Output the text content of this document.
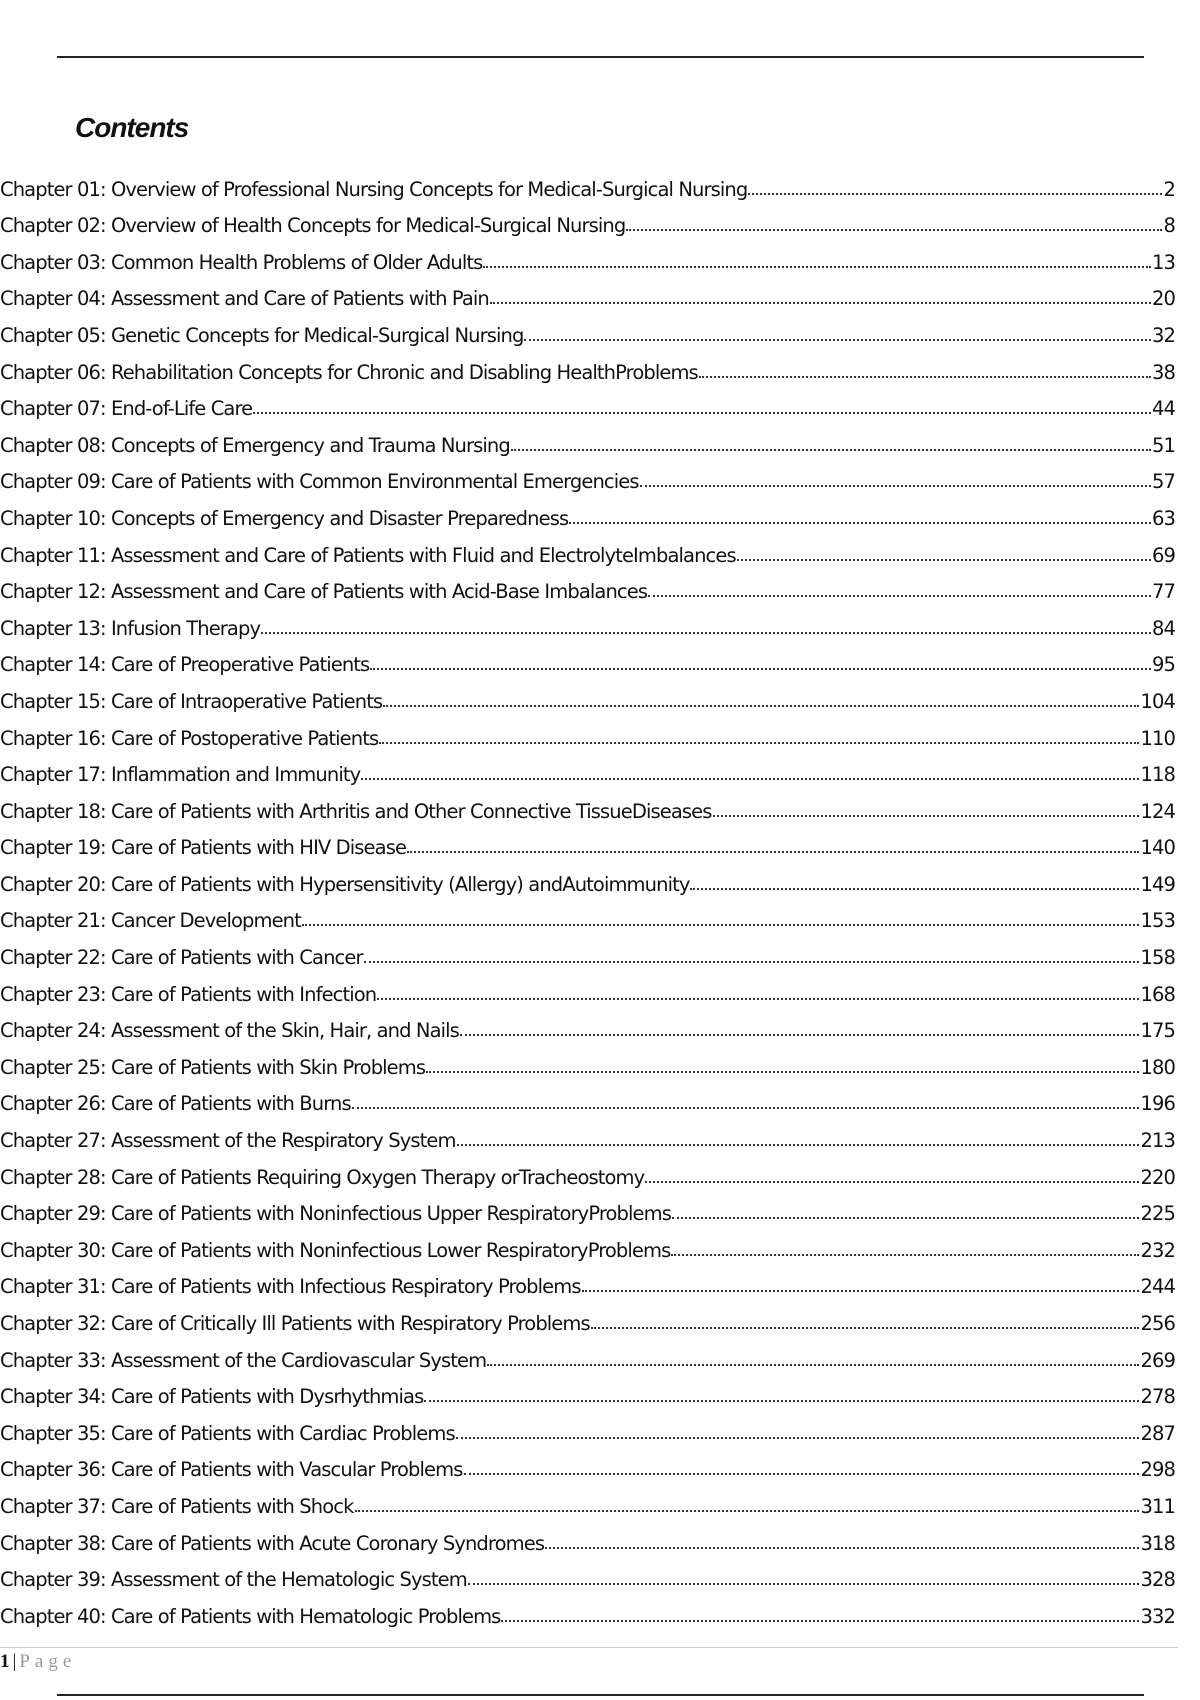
Contents
Chapter 01: Overview of Professional Nursing Concepts for Medical-Surgical Nursing	2
Chapter 02: Overview of Health Concepts for Medical-Surgical Nursing	8
Chapter 03: Common Health Problems of Older Adults	13
Chapter 04: Assessment and Care of Patients with Pain	20
Chapter 05: Genetic Concepts for Medical-Surgical Nursing	32
Chapter 06: Rehabilitation Concepts for Chronic and Disabling HealthProblems	38
Chapter 07: End-of-Life Care	44
Chapter 08: Concepts of Emergency and Trauma Nursing	51
Chapter 09: Care of Patients with Common Environmental Emergencies	57
Chapter 10: Concepts of Emergency and Disaster Preparedness	63
Chapter 11: Assessment and Care of Patients with Fluid and ElectrolyteImbalances	69
Chapter 12: Assessment and Care of Patients with Acid-Base Imbalances	77
Chapter 13: Infusion Therapy	84
Chapter 14: Care of Preoperative Patients	95
Chapter 15: Care of Intraoperative Patients	104
Chapter 16: Care of Postoperative Patients	110
Chapter 17: Inflammation and Immunity	118
Chapter 18: Care of Patients with Arthritis and Other Connective TissueDiseases	124
Chapter 19: Care of Patients with HIV Disease	140
Chapter 20: Care of Patients with Hypersensitivity (Allergy) andAutoimmunity	149
Chapter 21: Cancer Development	153
Chapter 22: Care of Patients with Cancer	158
Chapter 23: Care of Patients with Infection	168
Chapter 24: Assessment of the Skin, Hair, and Nails	175
Chapter 25: Care of Patients with Skin Problems	180
Chapter 26: Care of Patients with Burns	196
Chapter 27: Assessment of the Respiratory System	213
Chapter 28: Care of Patients Requiring Oxygen Therapy orTracheostomy	220
Chapter 29: Care of Patients with Noninfectious Upper RespiratoryProblems	225
Chapter 30: Care of Patients with Noninfectious Lower RespiratoryProblems	232
Chapter 31: Care of Patients with Infectious Respiratory Problems	244
Chapter 32: Care of Critically Ill Patients with Respiratory Problems	256
Chapter 33: Assessment of the Cardiovascular System	269
Chapter 34: Care of Patients with Dysrhythmias	278
Chapter 35: Care of Patients with Cardiac Problems	287
Chapter 36: Care of Patients with Vascular Problems	298
Chapter 37: Care of Patients with Shock	311
Chapter 38: Care of Patients with Acute Coronary Syndromes	318
Chapter 39: Assessment of the Hematologic System	328
Chapter 40: Care of Patients with Hematologic Problems	332
1 | Page
